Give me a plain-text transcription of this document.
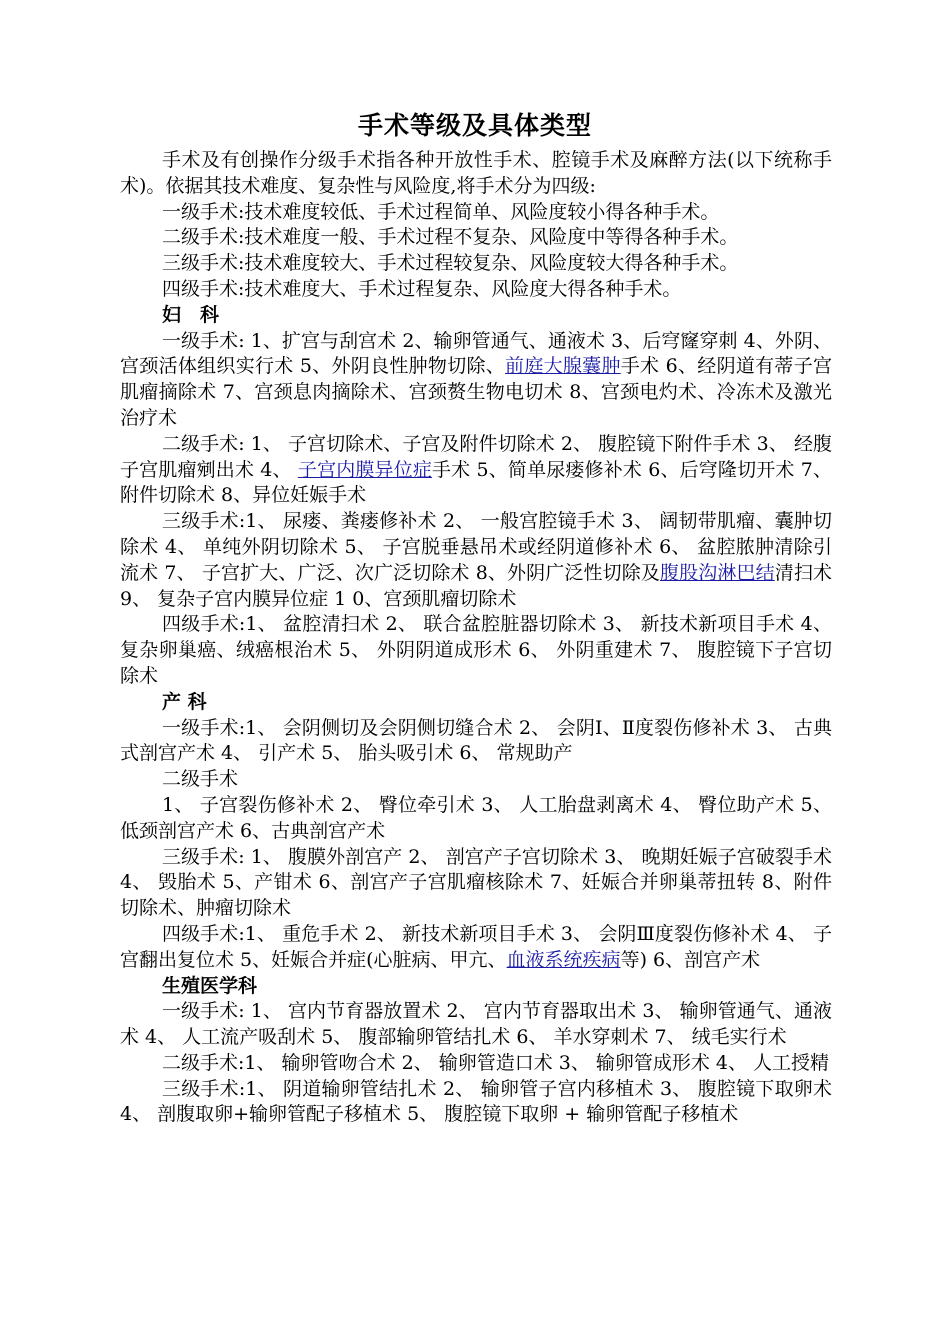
手术等级及具体类型

手术及有创操作分级手术指各种开放性手术、腔镜手术及麻醉方法(以下统称手术)。依据其技术难度、复杂性与风险度,将手术分为四级:

一级手术:技术难度较低、手术过程简单、风险度较小得各种手术。

二级手术:技术难度一般、手术过程不复杂、风险度中等得各种手术。

三级手术:技术难度较大、手术过程较复杂、风险度较大得各种手术。

四级手术:技术难度大、手术过程复杂、风险度大得各种手术。

妇　科

一级手术: 1、扩宫与刮宫术 2、输卵管通气、通液术 3、后穹窿穿刺 4、外阴、宫颈活体组织实行术 5、外阴良性肿物切除、前庭大腺囊肿手术 6、经阴道有蒂子宫肌瘤摘除术 7、宫颈息肉摘除术、宫颈赘生物电切术 8、宫颈电灼术、冷冻术及激光治疗术

二级手术: 1、 子宫切除术、子宫及附件切除术 2、 腹腔镜下附件手术 3、 经腹子宫肌瘤剜出术 4、 子宫内膜异位症手术 5、简单尿瘘修补术 6、后穹隆切开术 7、附件切除术 8、异位妊娠手术

三级手术:1、 尿瘘、粪瘘修补术 2、 一般宫腔镜手术 3、 阔韧带肌瘤、囊肿切除术 4、 单纯外阴切除术 5、 子宫脱垂悬吊术或经阴道修补术 6、 盆腔脓肿清除引流术 7、 子宫扩大、广泛、次广泛切除术 8、外阴广泛性切除及腹股沟淋巴结清扫术 9、 复杂子宫内膜异位症 1 0、宫颈肌瘤切除术

四级手术:1、 盆腔清扫术 2、 联合盆腔脏器切除术 3、 新技术新项目手术 4、 复杂卵巢癌、绒癌根治术 5、 外阴阴道成形术 6、 外阴重建术 7、 腹腔镜下子宫切除术

产 科

一级手术:1、 会阴侧切及会阴侧切缝合术 2、 会阴Ⅰ、Ⅱ度裂伤修补术 3、 古典式剖宫产术 4、 引产术 5、 胎头吸引术 6、 常规助产

二级手术

1、 子宫裂伤修补术 2、 臀位牵引术 3、 人工胎盘剥离术 4、 臀位助产术 5、低颈剖宫产术 6、古典剖宫产术

三级手术: 1、 腹膜外剖宫产 2、 剖宫产子宫切除术 3、 晚期妊娠子宫破裂手术 4、 毁胎术 5、产钳术 6、剖宫产子宫肌瘤核除术 7、妊娠合并卵巢蒂扭转 8、附件切除术、肿瘤切除术

四级手术:1、 重危手术 2、 新技术新项目手术 3、 会阴Ⅲ度裂伤修补术 4、 子宫翻出复位术 5、妊娠合并症(心脏病、甲亢、血液系统疾病等) 6、剖宫产术

生殖医学科

一级手术: 1、 宫内节育器放置术 2、 宫内节育器取出术 3、 输卵管通气、通液术 4、 人工流产吸刮术 5、 腹部输卵管结扎术 6、 羊水穿刺术 7、 绒毛实行术

二级手术:1、 输卵管吻合术 2、 输卵管造口术 3、 输卵管成形术 4、 人工授精

三级手术:1、 阴道输卵管结扎术 2、 输卵管子宫内移植术 3、 腹腔镜下取卵术 4、 剖腹取卵+输卵管配子移植术 5、 腹腔镜下取卵 + 输卵管配子移植术
